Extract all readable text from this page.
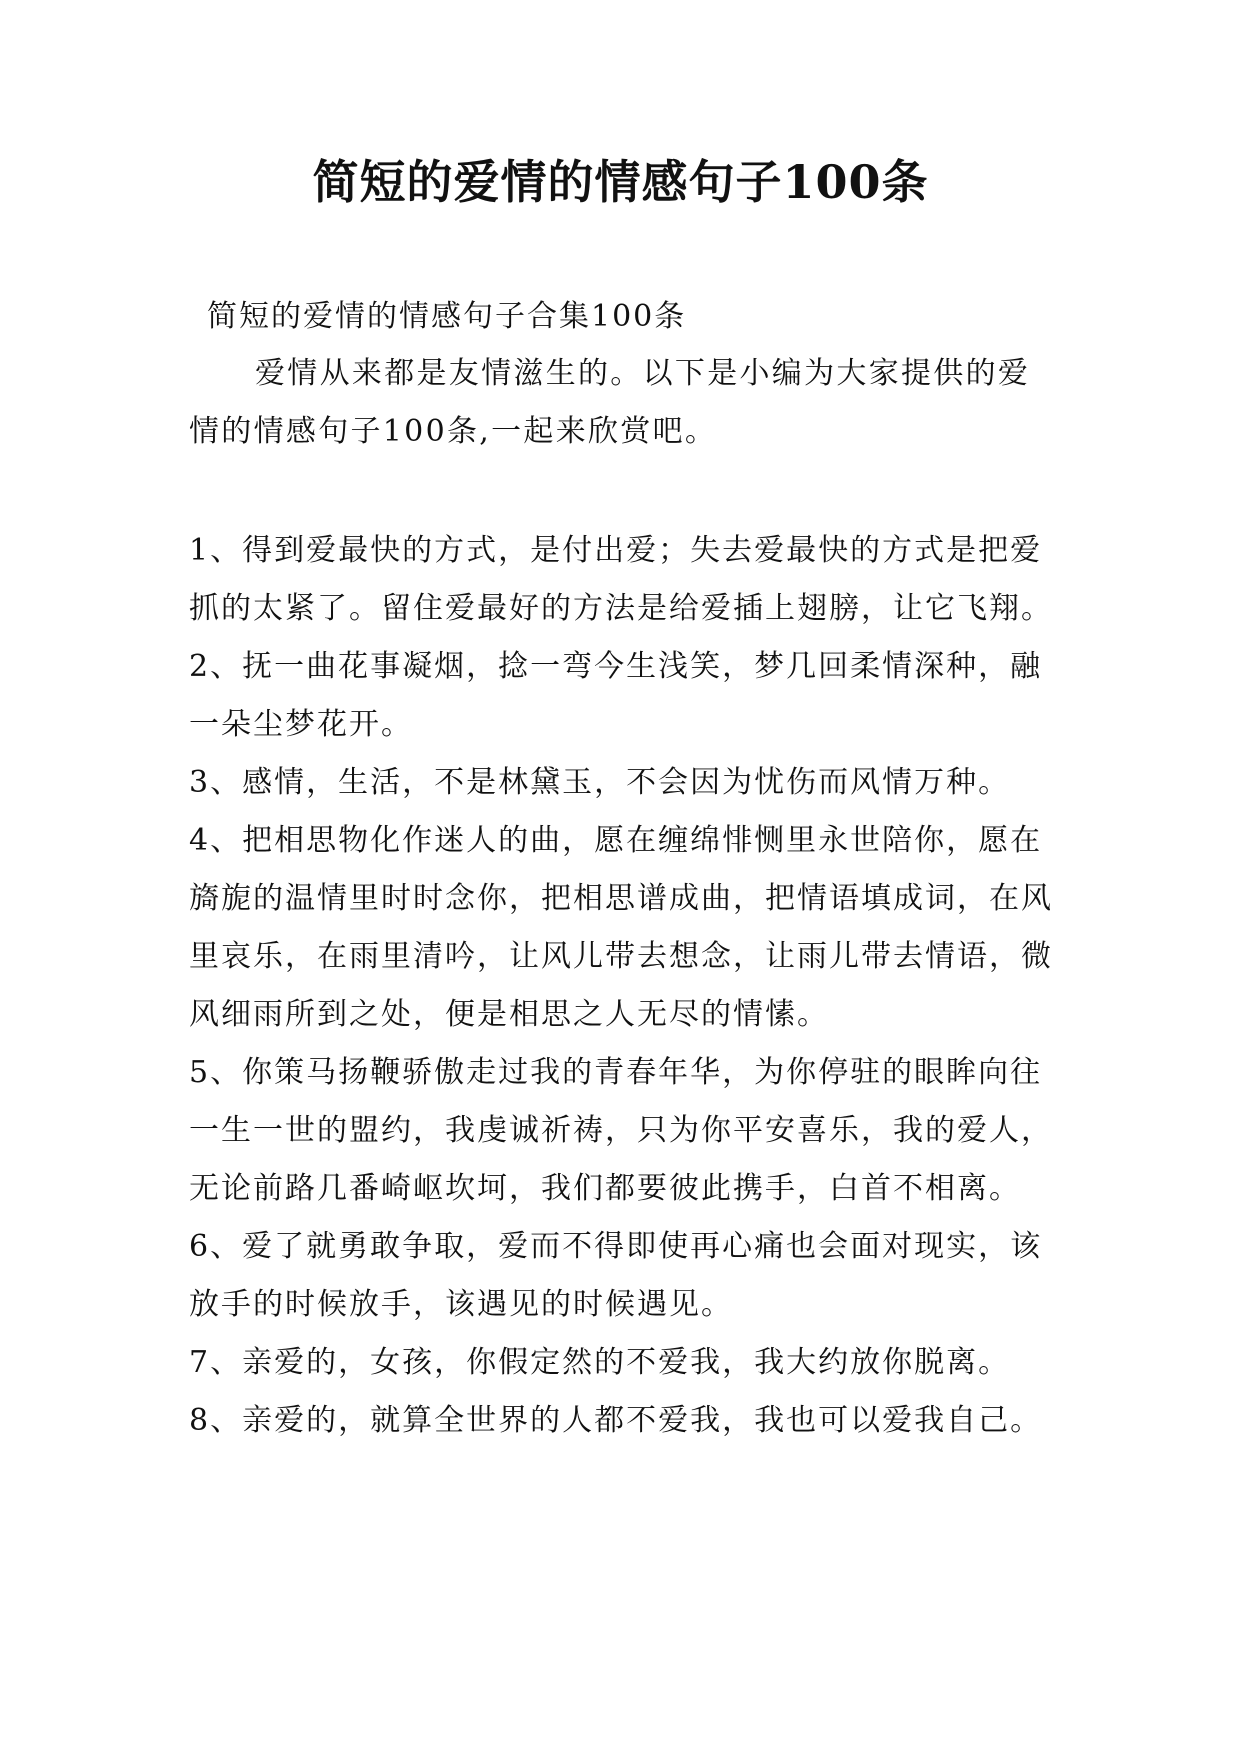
简短的爱情的情感句子100条
简短的爱情的情感句子合集100条
爱情从来都是友情滋生的。以下是小编为大家提供的爱情的情感句子100条,一起来欣赏吧。
1、得到爱最快的方式，是付出爱；失去爱最快的方式是把爱抓的太紧了。留住爱最好的方法是给爱插上翅膀，让它飞翔。
2、抚一曲花事凝烟，捻一弯今生浅笑，梦几回柔情深种，融一朵尘梦花开。
3、感情，生活，不是林黛玉，不会因为忧伤而风情万种。
4、把相思物化作迷人的曲，愿在缠绵悱恻里永世陪你，愿在旖旎的温情里时时念你，把相思谱成曲，把情语填成词，在风里哀乐，在雨里清吟，让风儿带去想念，让雨儿带去情语，微风细雨所到之处，便是相思之人无尽的情愫。
5、你策马扬鞭骄傲走过我的青春年华，为你停驻的眼眸向往一生一世的盟约，我虔诚祈祷，只为你平安喜乐，我的爱人，无论前路几番崎岖坎坷，我们都要彼此携手，白首不相离。
6、爱了就勇敢争取，爱而不得即使再心痛也会面对现实，该放手的时候放手，该遇见的时候遇见。
7、亲爱的，女孩，你假定然的不爱我，我大约放你脱离。
8、亲爱的，就算全世界的人都不爱我，我也可以爱我自己。
